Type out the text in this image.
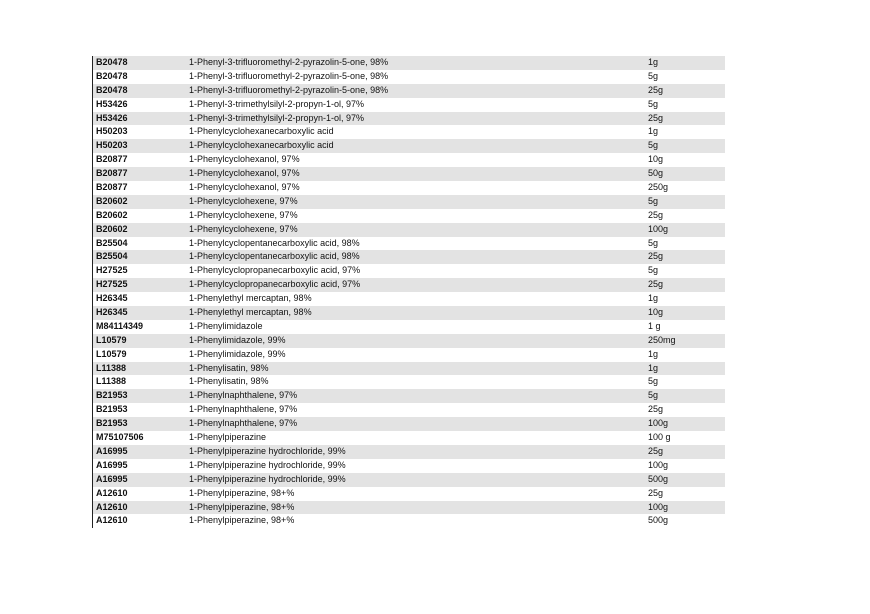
B20478	1-Phenyl-3-trifluoromethyl-2-pyrazolin-5-one, 98%	1g
B20478	1-Phenyl-3-trifluoromethyl-2-pyrazolin-5-one, 98%	5g
B20478	1-Phenyl-3-trifluoromethyl-2-pyrazolin-5-one, 98%	25g
H53426	1-Phenyl-3-trimethylsilyl-2-propyn-1-ol, 97%	5g
H53426	1-Phenyl-3-trimethylsilyl-2-propyn-1-ol, 97%	25g
H50203	1-Phenylcyclohexanecarboxylic acid	1g
H50203	1-Phenylcyclohexanecarboxylic acid	5g
B20877	1-Phenylcyclohexanol, 97%	10g
B20877	1-Phenylcyclohexanol, 97%	50g
B20877	1-Phenylcyclohexanol, 97%	250g
B20602	1-Phenylcyclohexene, 97%	5g
B20602	1-Phenylcyclohexene, 97%	25g
B20602	1-Phenylcyclohexene, 97%	100g
B25504	1-Phenylcyclopentanecarboxylic acid, 98%	5g
B25504	1-Phenylcyclopentanecarboxylic acid, 98%	25g
H27525	1-Phenylcyclopropanecarboxylic acid, 97%	5g
H27525	1-Phenylcyclopropanecarboxylic acid, 97%	25g
H26345	1-Phenylethyl mercaptan, 98%	1g
H26345	1-Phenylethyl mercaptan, 98%	10g
M84114349	1-Phenylimidazole	1 g
L10579	1-Phenylimidazole, 99%	250mg
L10579	1-Phenylimidazole, 99%	1g
L11388	1-Phenylisatin, 98%	1g
L11388	1-Phenylisatin, 98%	5g
B21953	1-Phenylnaphthalene, 97%	5g
B21953	1-Phenylnaphthalene, 97%	25g
B21953	1-Phenylnaphthalene, 97%	100g
M75107506	1-Phenylpiperazine	100 g
A16995	1-Phenylpiperazine hydrochloride, 99%	25g
A16995	1-Phenylpiperazine hydrochloride, 99%	100g
A16995	1-Phenylpiperazine hydrochloride, 99%	500g
A12610	1-Phenylpiperazine, 98+%	25g
A12610	1-Phenylpiperazine, 98+%	100g
A12610	1-Phenylpiperazine, 98+%	500g
